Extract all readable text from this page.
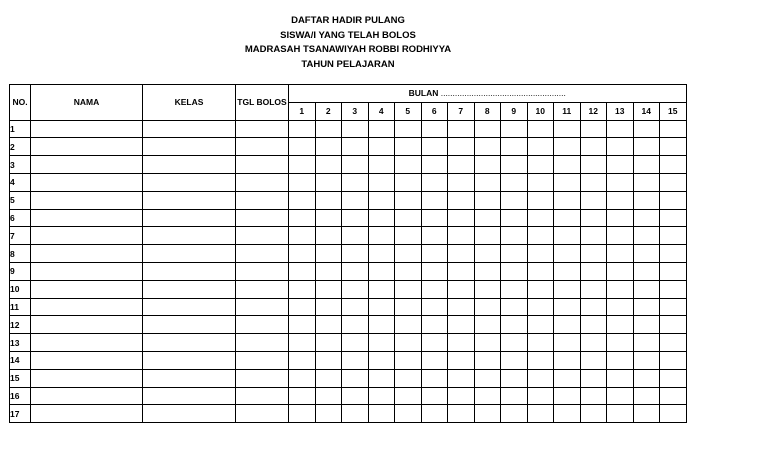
DAFTAR HADIR PULANG
SISWA/I YANG TELAH BOLOS
MADRASAH TSANAWIYAH ROBBI RODHIYYA
TAHUN PELAJARAN
NO.	NAMA	KELAS	TGL BOLOS	BULAN .....................................................														
				1	2	3	4	5	6	7	8	9	10	11	12	13	14	15
1																		
2																		
3																		
4																		
5																		
6																		
7																		
8																		
9																		
10																		
11																		
12																		
13																		
14																		
15																		
16																		
17																		
